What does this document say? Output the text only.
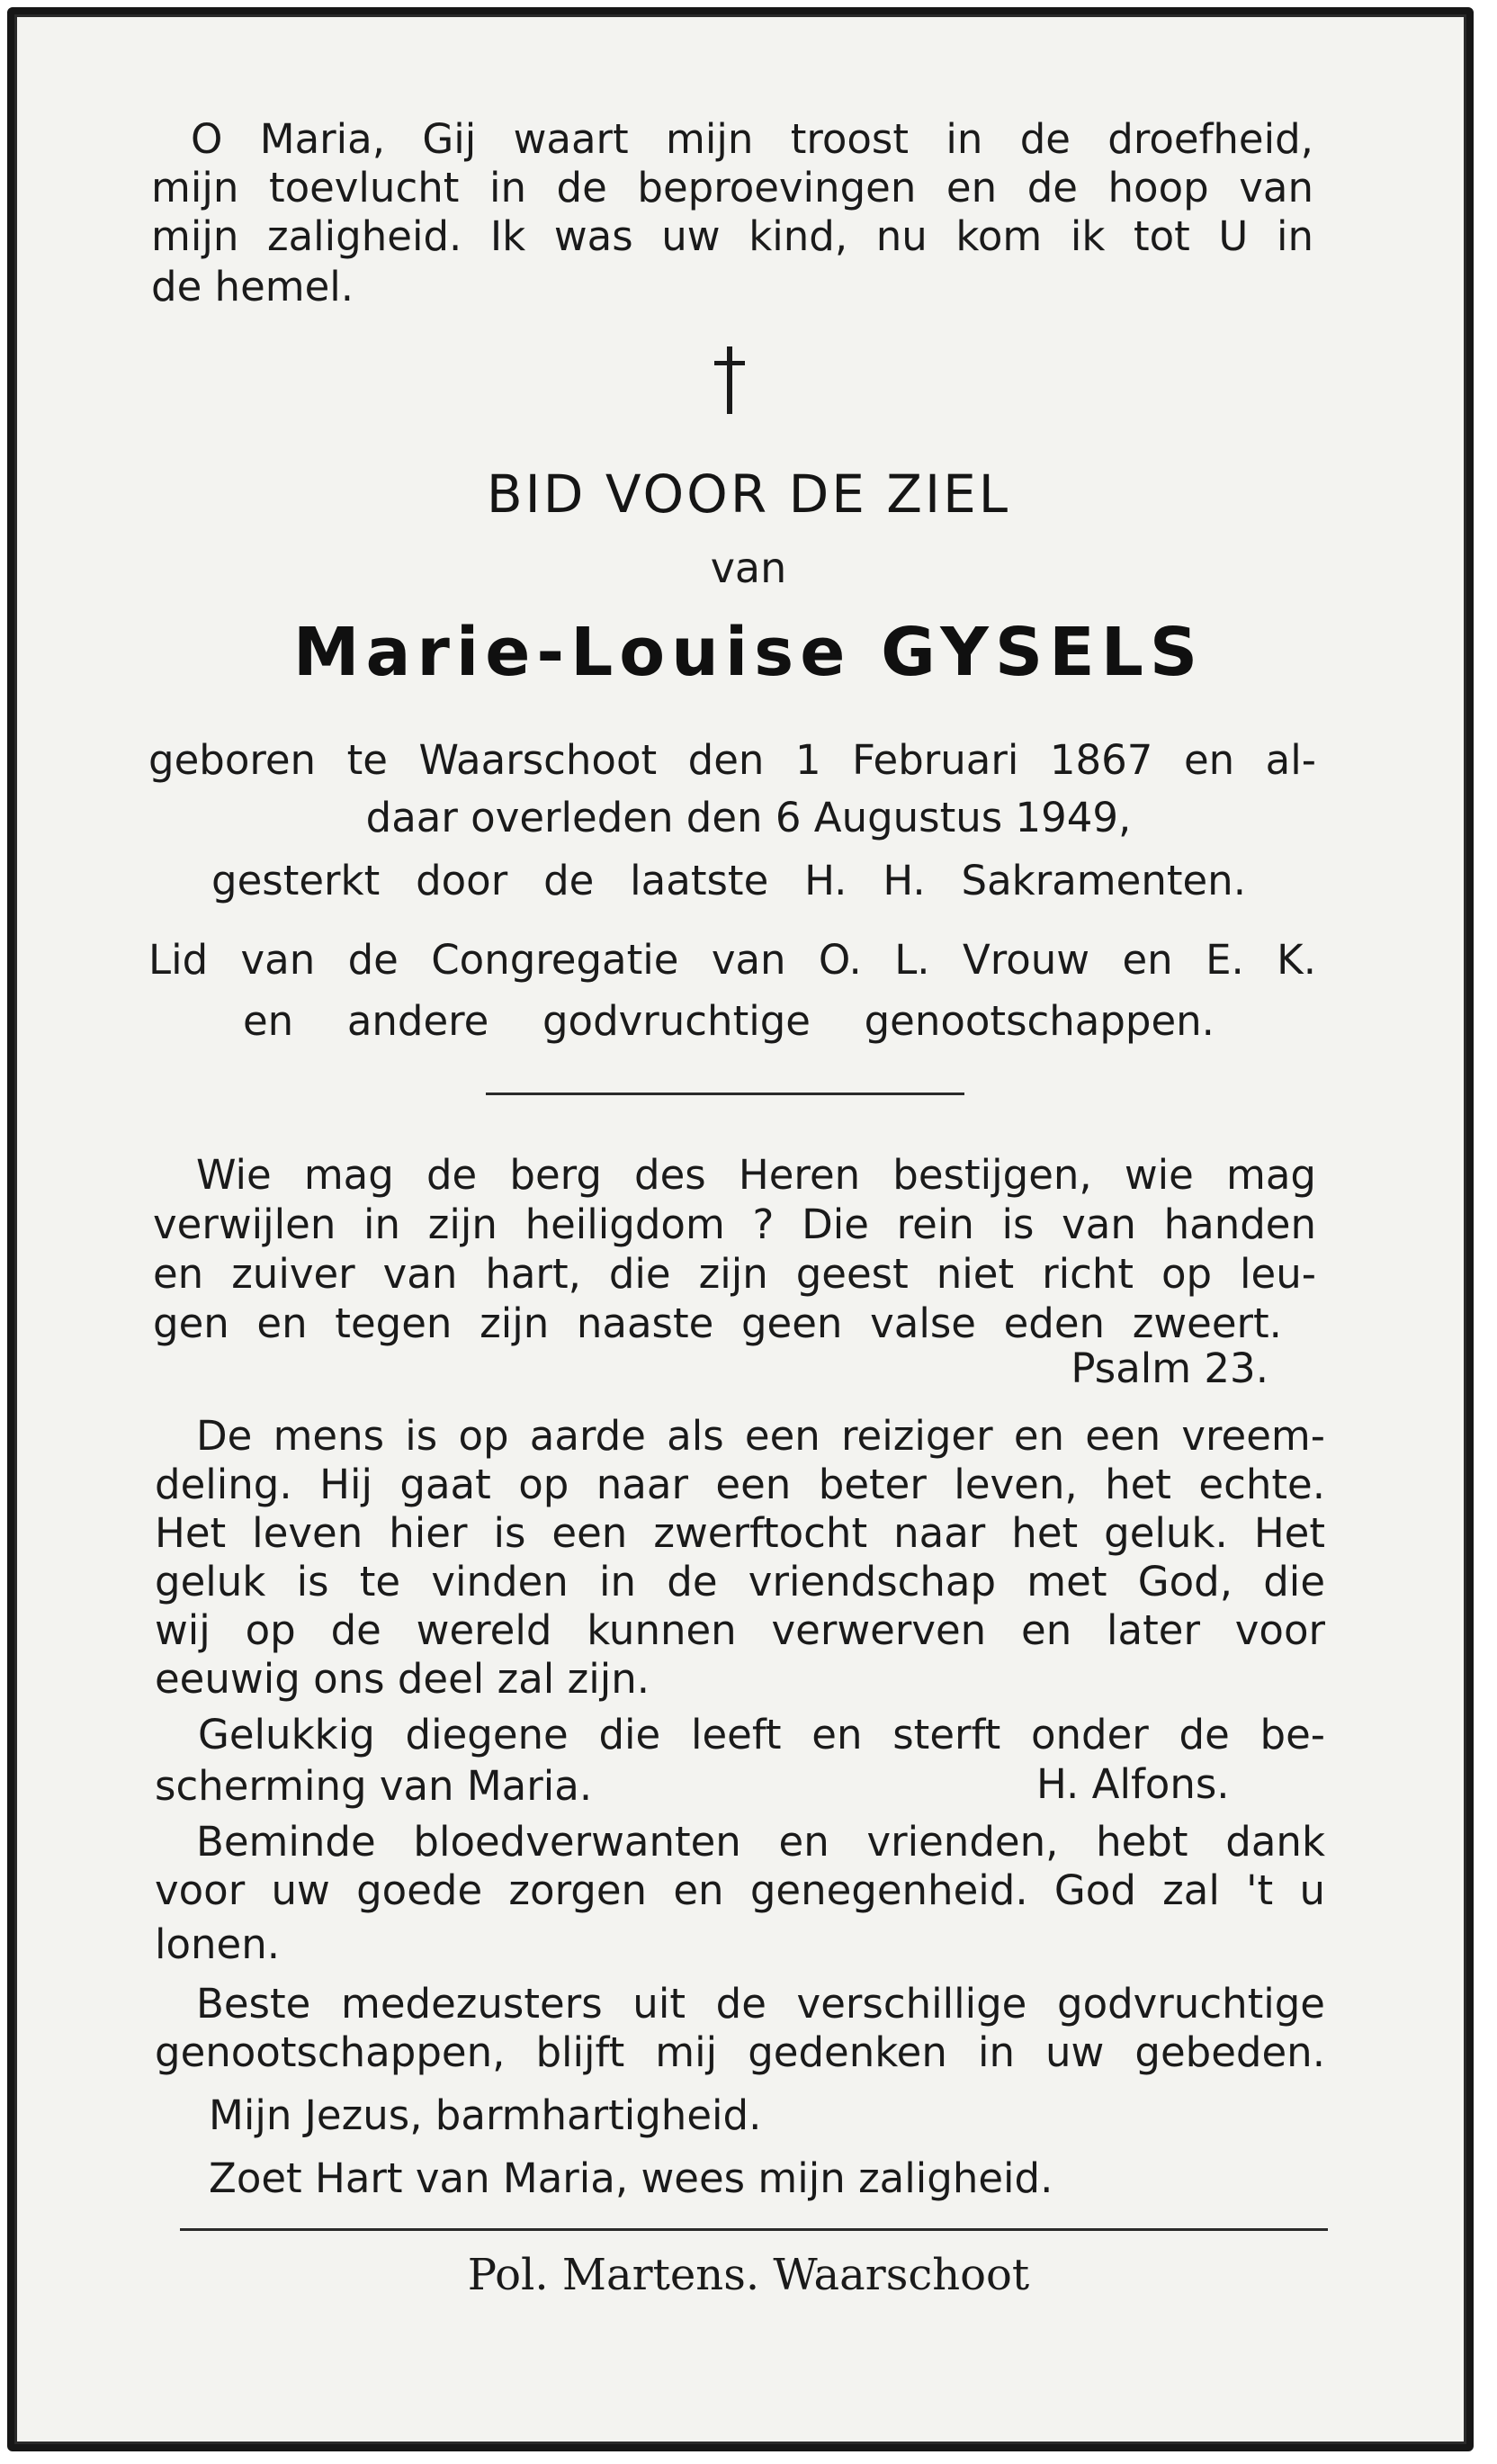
O Maria, Gij waart mijn troost in de droefheid,

mijn toevlucht in de beproevingen en de hoop van

mijn zaligheid. Ik was uw kind, nu kom ik tot U in

de hemel.

BID VOOR DE ZIEL

van

Marie-Louise GYSELS

geboren te Waarschoot den 1 Februari 1867 en al-

daar overleden den 6 Augustus 1949,

gesterkt door de laatste H. H. Sakramenten.

Lid van de Congregatie van O. L. Vrouw en E. K.

en andere godvruchtige genootschappen.

Wie mag de berg des Heren bestijgen, wie mag

verwijlen in zijn heiligdom ? Die rein is van handen

en zuiver van hart, die zijn geest niet richt op leu-

gen en tegen zijn naaste geen valse eden zweert.

Psalm 23.

De mens is op aarde als een reiziger en een vreem-

deling. Hij gaat op naar een beter leven, het echte.

Het leven hier is een zwerftocht naar het geluk. Het

geluk is te vinden in de vriendschap met God, die

wij op de wereld kunnen verwerven en later voor

eeuwig ons deel zal zijn.

Gelukkig diegene die leeft en sterft onder de be-

scherming van Maria.	H. Alfons.

Beminde bloedverwanten en vrienden, hebt dank

voor uw goede zorgen en genegenheid. God zal 't u

lonen.

Beste medezusters uit de verschillige godvruchtige

genootschappen, blijft mij gedenken in uw gebeden.

Mijn Jezus, barmhartigheid.

Zoet Hart van Maria, wees mijn zaligheid.

Pol. Martens. Waarschoot
